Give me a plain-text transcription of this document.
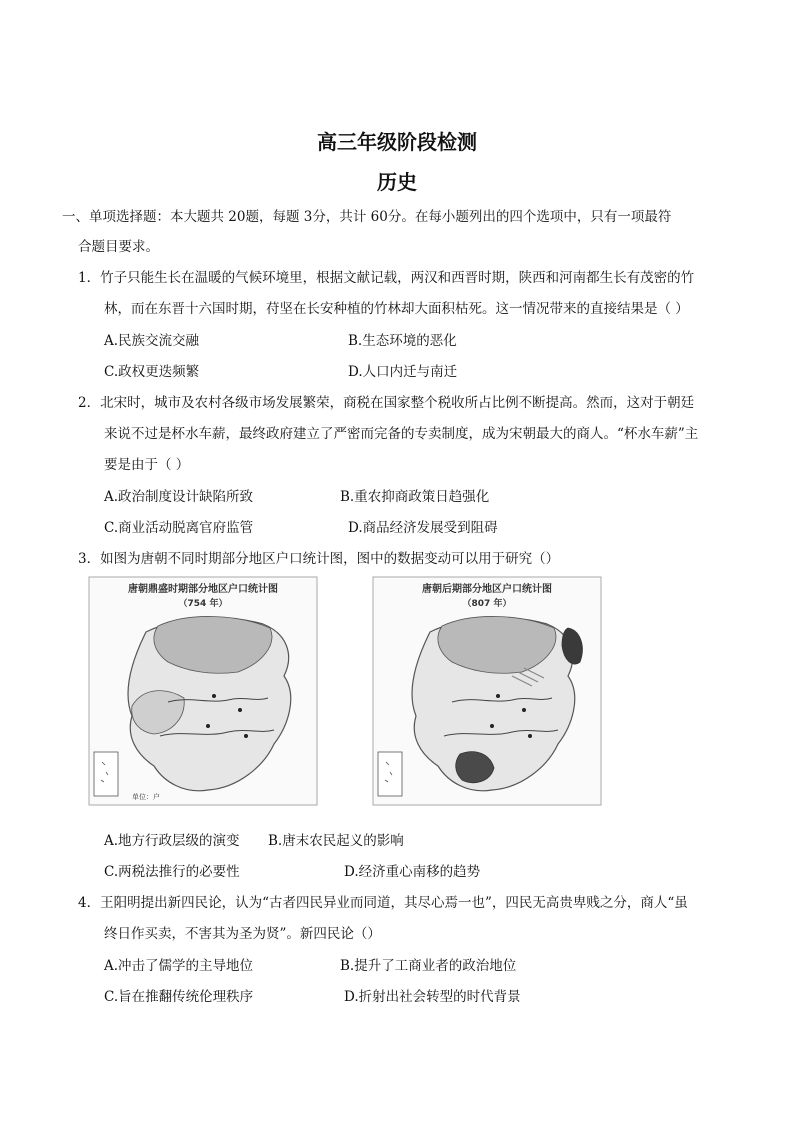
高三年级阶段检测
历史
一、单项选择题：本大题共 20题，每题 3分，共计 60分。在每小题列出的四个选项中，只有一项最符
合题目要求。
1．竹子只能生长在温暖的气候环境里，根据文献记载，两汉和西晋时期，陕西和河南都生长有茂密的竹
林，而在东晋十六国时期，苻坚在长安种植的竹林却大面积枯死。这一情况带来的直接结果是（ ）
A.民族交流交融	B.生态环境的恶化
C.政权更迭频繁	D.人口内迁与南迁
2．北宋时，城市及农村各级市场发展繁荣，商税在国家整个税收所占比例不断提高。然而，这对于朝廷
来说不过是杯水车薪，最终政府建立了严密而完备的专卖制度，成为宋朝最大的商人。“杯水车薪”主
要是由于（ ）
A.政治制度设计缺陷所致	B.重农抑商政策日趋强化
C.商业活动脱离官府监管	D.商品经济发展受到阻碍
3．如图为唐朝不同时期部分地区户口统计图，图中的数据变动可以用于研究（）
唐朝鼎盛时期部分地区户口统计图
（754 年）
单位：户
唐朝后期部分地区户口统计图
（807 年）
A.地方行政层级的演变 B.唐末农民起义的影响
C.两税法推行的必要性	D.经济重心南移的趋势
4．王阳明提出新四民论，认为“古者四民异业而同道，其尽心焉一也”，四民无高贵卑贱之分，商人“虽
终日作买卖，不害其为圣为贤”。新四民论（）
A.冲击了儒学的主导地位	B.提升了工商业者的政治地位
C.旨在推翻传统伦理秩序	D.折射出社会转型的时代背景
